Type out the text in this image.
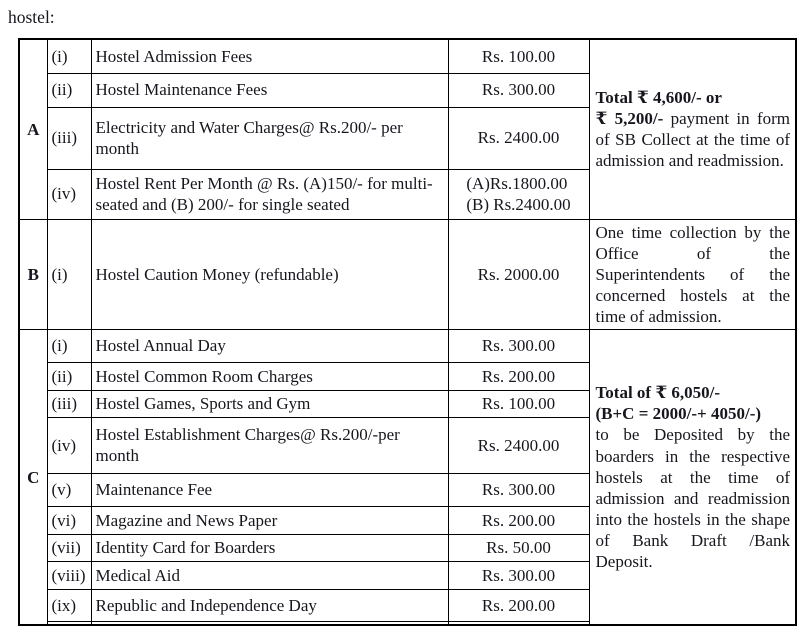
hostel:
A	(i)	Hostel Admission Fees	Rs. 100.00	Total ₹ 4,600/- or
₹ 5,200/- payment in form of SB Collect at the time of admission and readmission.
	(ii)	Hostel Maintenance Fees	Rs. 300.00	
	(iii)	Electricity and Water Charges@ Rs.200/- per month	Rs. 2400.00	
	(iv)	Hostel Rent Per Month @ Rs. (A)150/- for multi-seated and (B) 200/- for single seated	(A)Rs.1800.00
(B) Rs.2400.00	
B	(i)	Hostel Caution Money (refundable)	Rs. 2000.00	One time collection by the Office of the Superintendents of the concerned hostels at the time of admission.
C	(i)	Hostel Annual Day	Rs. 300.00	Total of ₹ 6,050/-
(B+C = 2000/-+ 4050/-)
to be Deposited by the boarders in the respective hostels at the time of admission and readmission into the hostels in the shape of Bank Draft /Bank Deposit.
	(ii)	Hostel Common Room Charges	Rs. 200.00	
	(iii)	Hostel Games, Sports and Gym	Rs. 100.00	
	(iv)	Hostel Establishment Charges@ Rs.200/-per month	Rs. 2400.00	
	(v)	Maintenance Fee	Rs. 300.00	
	(vi)	Magazine and News Paper	Rs. 200.00	
	(vii)	Identity Card for Boarders	Rs. 50.00	
	(viii)	Medical Aid	Rs. 300.00	
	(ix)	Republic and Independence Day	Rs. 200.00	
